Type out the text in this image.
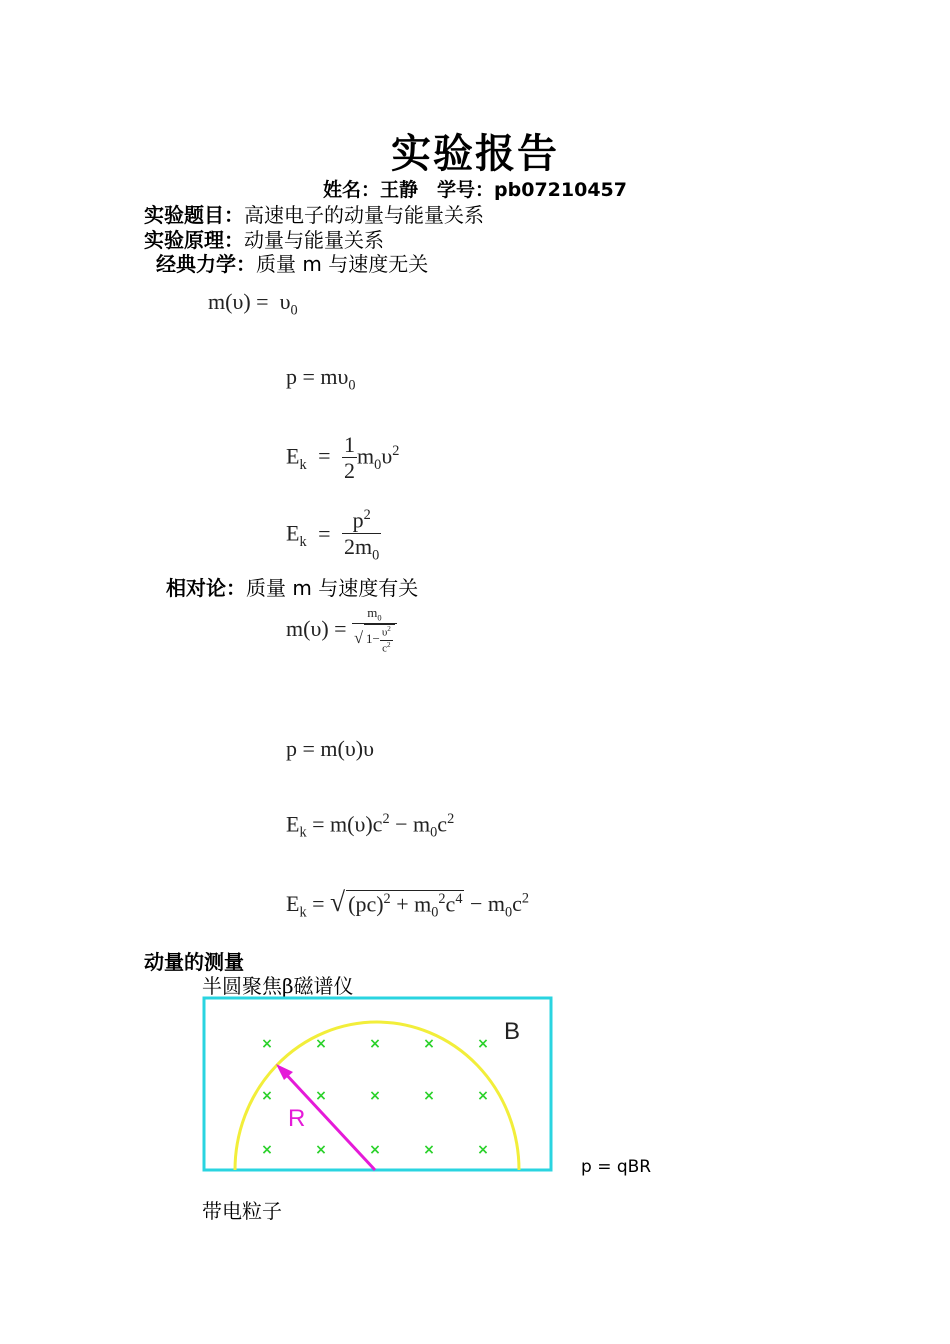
实验报告
姓名：王静　学号：pb07210457
实验题目：高速电子的动量与能量关系
实验原理：动量与能量关系
经典力学：质量 m 与速度无关
$m(\upsilon) = \upsilon_0$
$p = m\upsilon_0$
$E_k = \frac{1}{2} m_0\upsilon^2$
$E_k = \frac{p^2}{2m_0}$
相对论：质量 m 与速度有关
$m(\upsilon) = \frac{m_0}{√ 1- \frac{\upsilon^2}{c^2}}$
p = m(υ)υ
$E_k = m(\upsilon)c^2 - m_0c^2$
$E_k$ = √ $(pc)^2 + m_0^2c^4 - m_0c^2$
动量的测量
半圆聚焦β磁谱仪
×	×	×	×	×
×	×	×	×	×
×	×	×	×	×
R
B
p = qBR
带电粒子
